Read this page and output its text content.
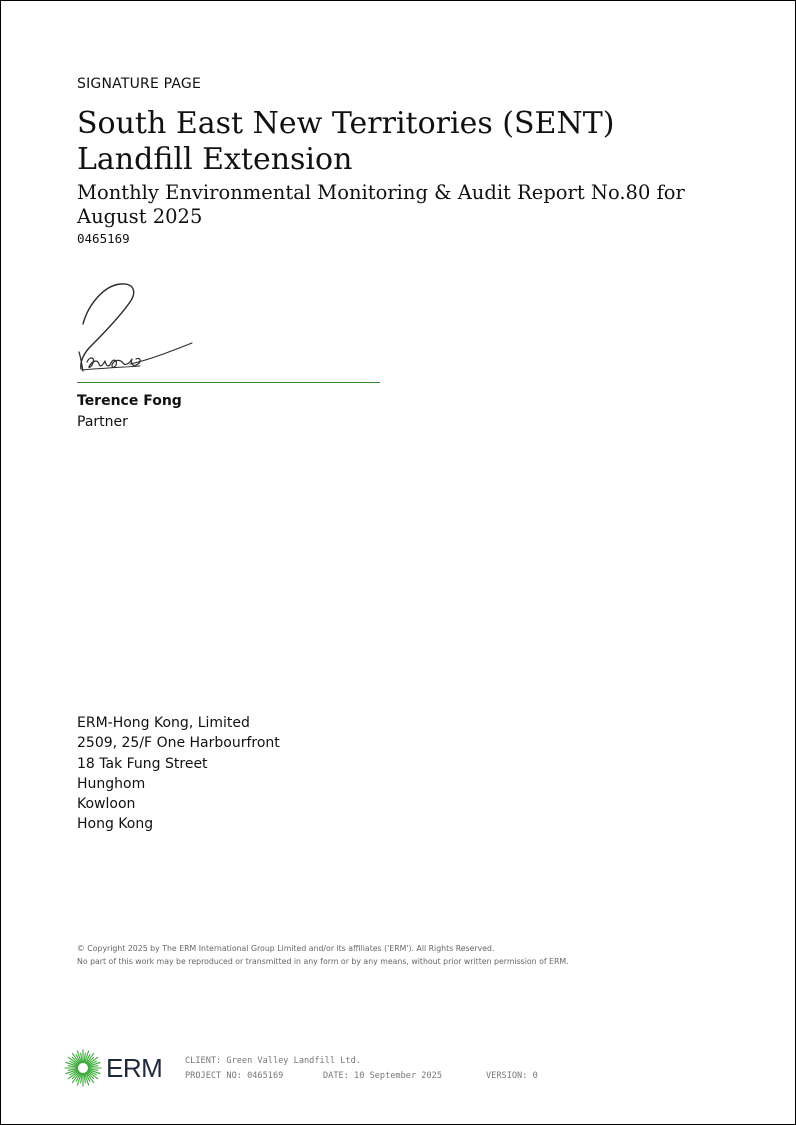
SIGNATURE PAGE
South East New Territories (SENT) Landfill Extension
Monthly Environmental Monitoring & Audit Report No.80 for August 2025
0465169
Terence Fong
Partner
ERM-Hong Kong, Limited
2509, 25/F One Harbourfront
18 Tak Fung Street
Hunghom
Kowloon
Hong Kong
© Copyright 2025 by The ERM International Group Limited and/or its affiliates ('ERM'). All Rights Reserved.
No part of this work may be reproduced or transmitted in any form or by any means, without prior written permission of ERM.
ERM	CLIENT: Green Valley Landfill Ltd.
PROJECT NO: 0465169	DATE: 10 September 2025	VERSION: 0
